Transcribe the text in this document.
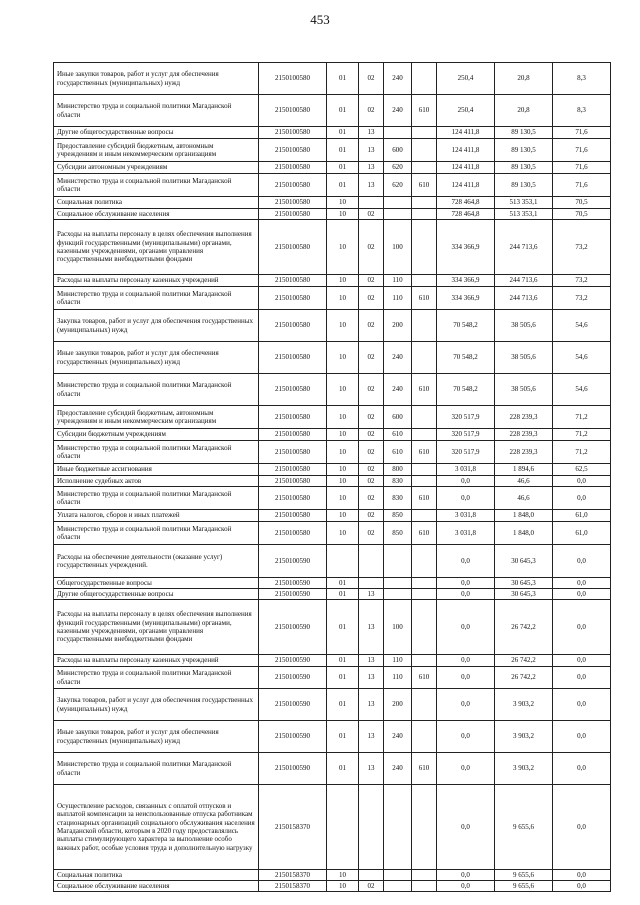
453
Иные закупки товаров, работ и услуг для обеспечения государственных (муниципальных) нужд	2150100580	01	02	240		250,4	20,8	8,3
Министерство труда и социальной политики Магаданской области	2150100580	01	02	240	610	250,4	20,8	8,3
Другие общегосударственные вопросы	2150100580	01	13			124 411,8	89 130,5	71,6
Предоставление субсидий бюджетным, автономным учреждениям и иным некоммерческим организациям	2150100580	01	13	600		124 411,8	89 130,5	71,6
Субсидии автономным учреждениям	2150100580	01	13	620		124 411,8	89 130,5	71,6
Министерство труда и социальной политики Магаданской области	2150100580	01	13	620	610	124 411,8	89 130,5	71,6
Социальная политика	2150100580	10				728 464,8	513 353,1	70,5
Социальное обслуживание населения	2150100580	10	02			728 464,8	513 353,1	70,5
Расходы на выплаты персоналу в целях обеспечения выполнения функций государственными (муниципальными) органами, казенными учреждениями, органами управления государственными внебюджетными фондами	2150100580	10	02	100		334 366,9	244 713,6	73,2
Расходы на выплаты персоналу казенных учреждений	2150100580	10	02	110		334 366,9	244 713,6	73,2
Министерство труда и социальной политики Магаданской области	2150100580	10	02	110	610	334 366,9	244 713,6	73,2
Закупка товаров, работ и услуг для обеспечения государственных (муниципальных) нужд	2150100580	10	02	200		70 548,2	38 505,6	54,6
Иные закупки товаров, работ и услуг для обеспечения государственных (муниципальных) нужд	2150100580	10	02	240		70 548,2	38 505,6	54,6
Министерство труда и социальной политики Магаданской области	2150100580	10	02	240	610	70 548,2	38 505,6	54,6
Предоставление субсидий бюджетным, автономным учреждениям и иным некоммерческим организациям	2150100580	10	02	600		320 517,9	228 239,3	71,2
Субсидии бюджетным учреждениям	2150100580	10	02	610		320 517,9	228 239,3	71,2
Министерство труда и социальной политики Магаданской области	2150100580	10	02	610	610	320 517,9	228 239,3	71,2
Иные бюджетные ассигнования	2150100580	10	02	800		3 031,8	1 894,6	62,5
Исполнение судебных актов	2150100580	10	02	830		0,0	46,6	0,0
Министерство труда и социальной политики Магаданской области	2150100580	10	02	830	610	0,0	46,6	0,0
Уплата налогов, сборов и иных платежей	2150100580	10	02	850		3 031,8	1 848,0	61,0
Министерство труда и социальной политики Магаданской области	2150100580	10	02	850	610	3 031,8	1 848,0	61,0
Расходы на обеспечение деятельности (оказание услуг) государственных учреждений.	2150100590					0,0	30 645,3	0,0
Общегосударственные вопросы	2150100590	01				0,0	30 645,3	0,0
Другие общегосударственные вопросы	2150100590	01	13			0,0	30 645,3	0,0
Расходы на выплаты персоналу в целях обеспечения выполнения функций государственными (муниципальными) органами, казенными учреждениями, органами управления государственными внебюджетными фондами	2150100590	01	13	100		0,0	26 742,2	0,0
Расходы на выплаты персоналу казенных учреждений	2150100590	01	13	110		0,0	26 742,2	0,0
Министерство труда и социальной политики Магаданской области	2150100590	01	13	110	610	0,0	26 742,2	0,0
Закупка товаров, работ и услуг для обеспечения государственных (муниципальных) нужд	2150100590	01	13	200		0,0	3 903,2	0,0
Иные закупки товаров, работ и услуг для обеспечения государственных (муниципальных) нужд	2150100590	01	13	240		0,0	3 903,2	0,0
Министерство труда и социальной политики Магаданской области	2150100590	01	13	240	610	0,0	3 903,2	0,0
Осуществление расходов, связанных с оплатой отпусков и выплатой компенсации за неиспользованные отпуска работникам стационарных организаций социального обслуживания населения Магаданской области, которым в 2020 году предоставлялись выплаты стимулирующего характера за выполнение особо важных работ, особые условия труда и дополнительную нагрузку	2150158370					0,0	9 655,6	0,0
Социальная политика	2150158370	10				0,0	9 655,6	0,0
Социальное обслуживание населения	2150158370	10	02			0,0	9 655,6	0,0
